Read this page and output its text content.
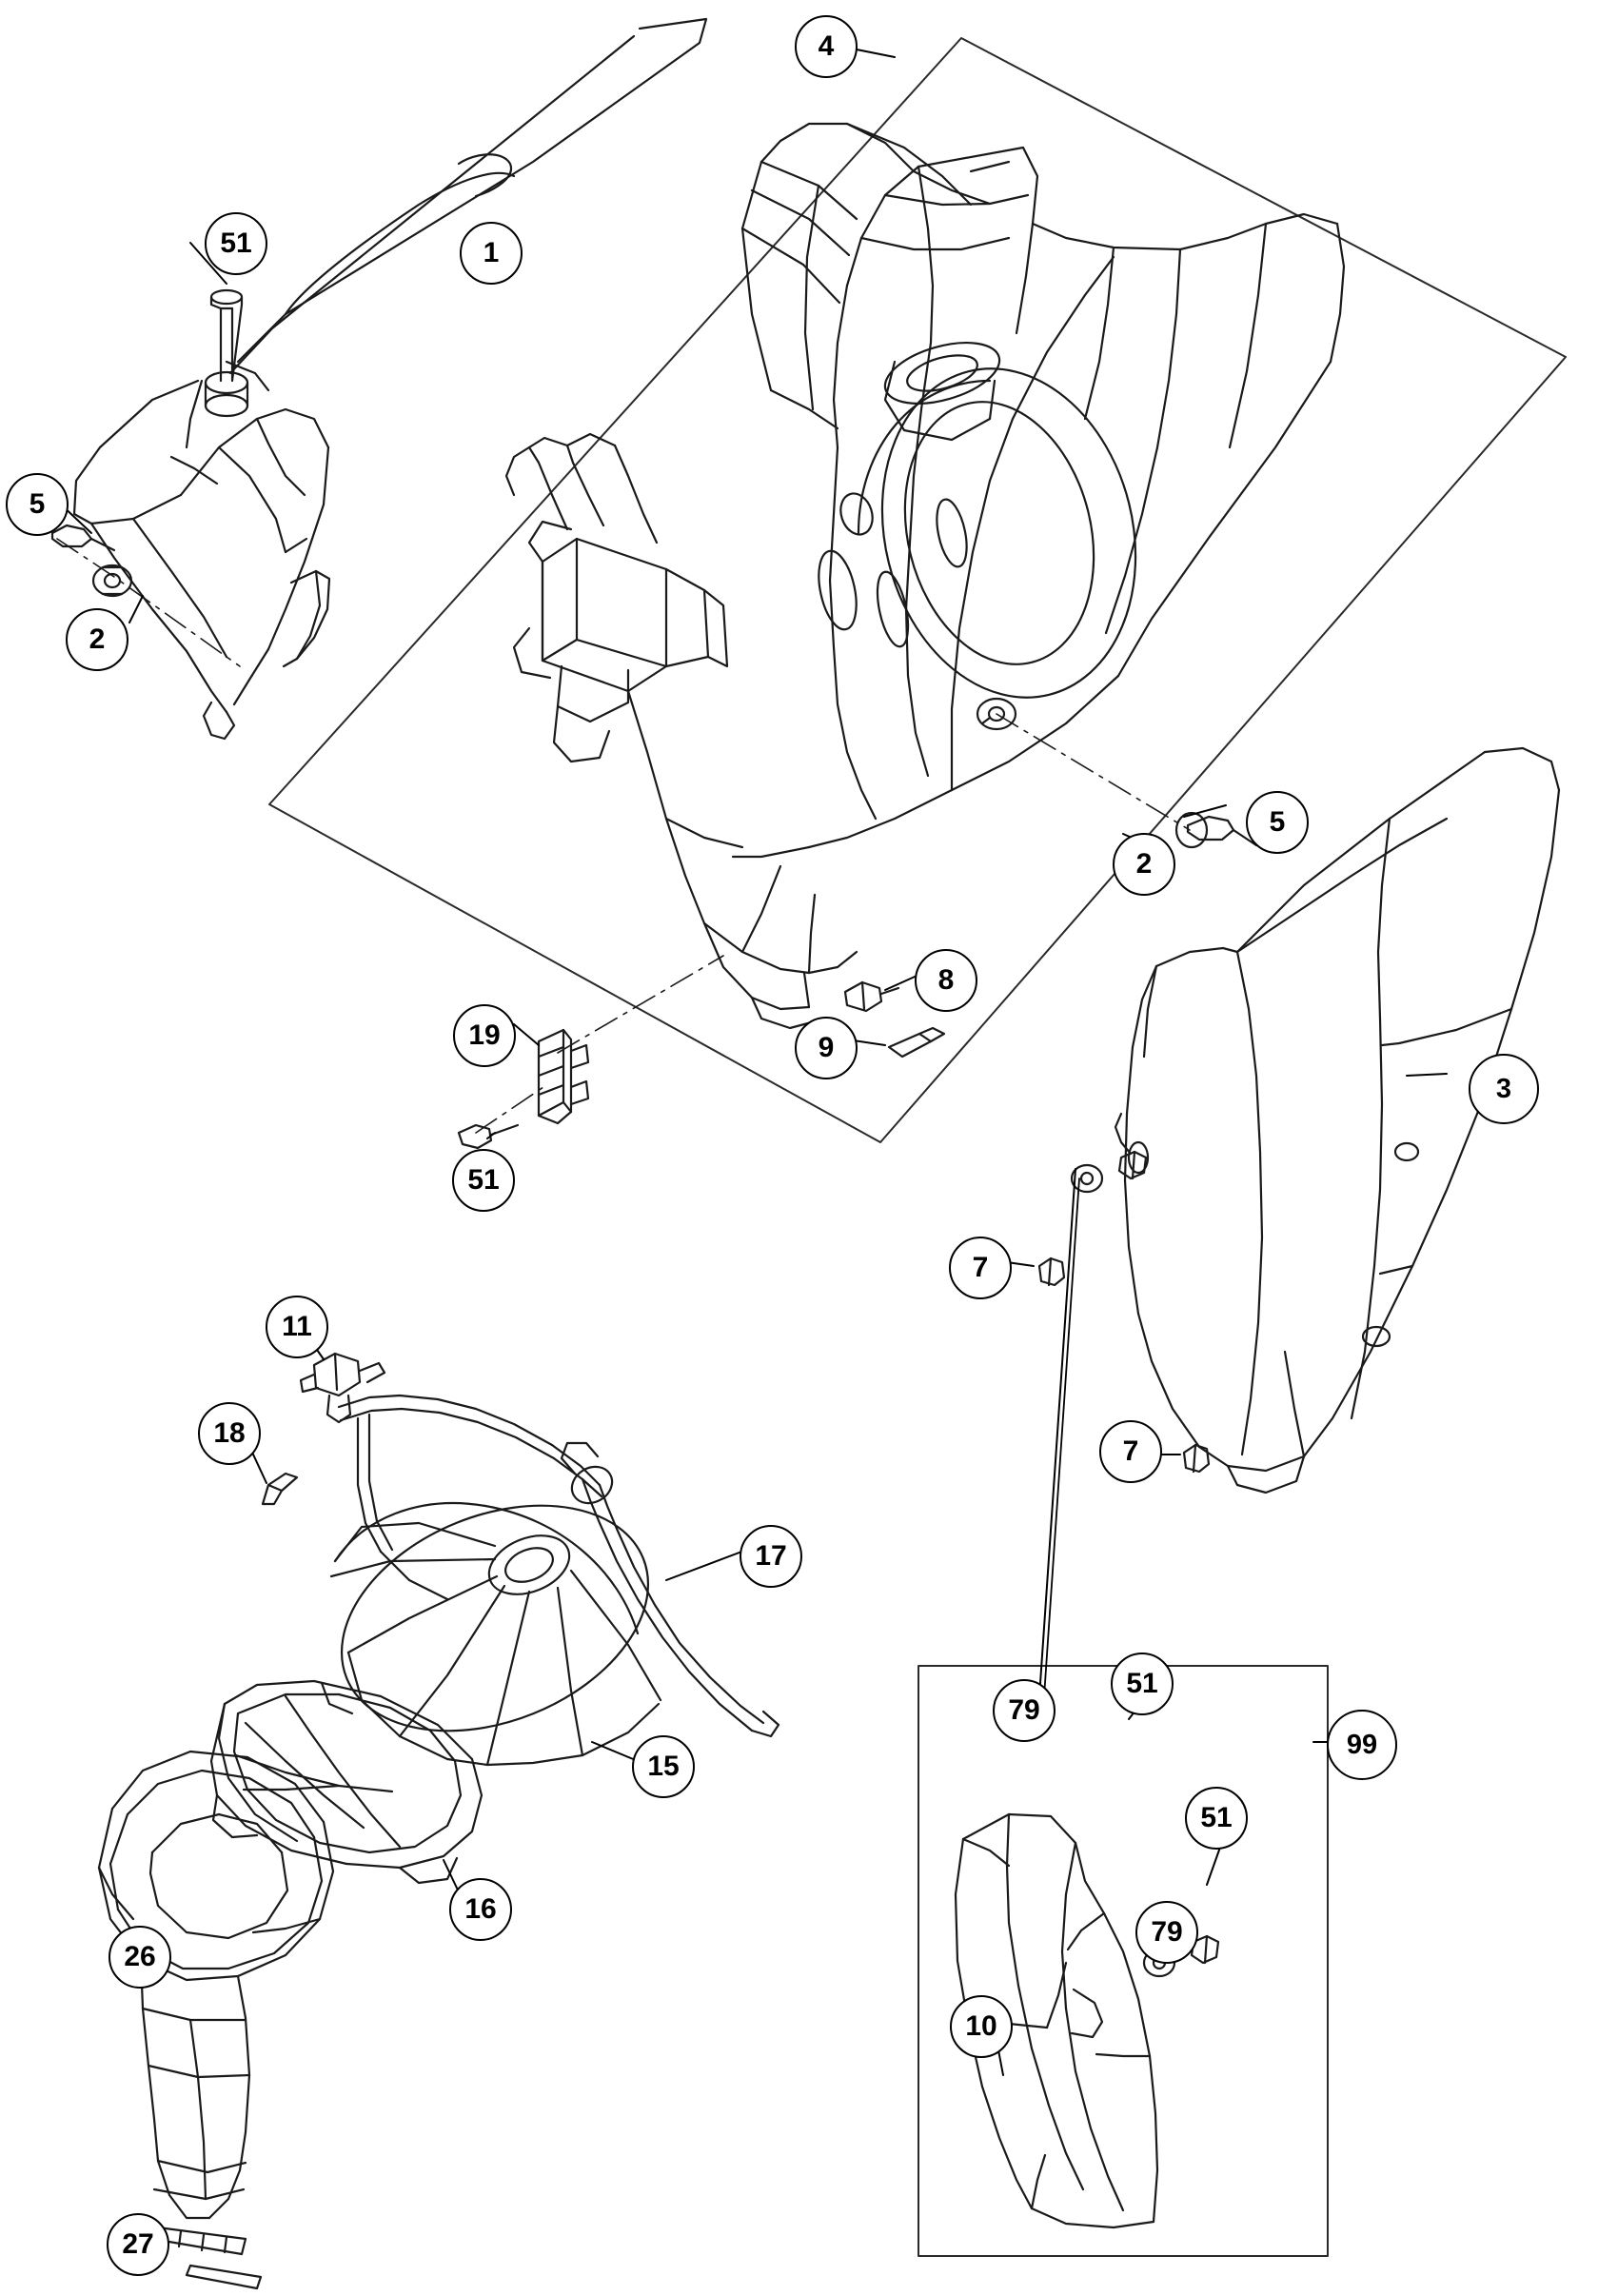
51	1
4
5
2
5
2
3
8
9
19
51
7
7
11
18
17
15
16
26
27
79
51
99
51
79
10
